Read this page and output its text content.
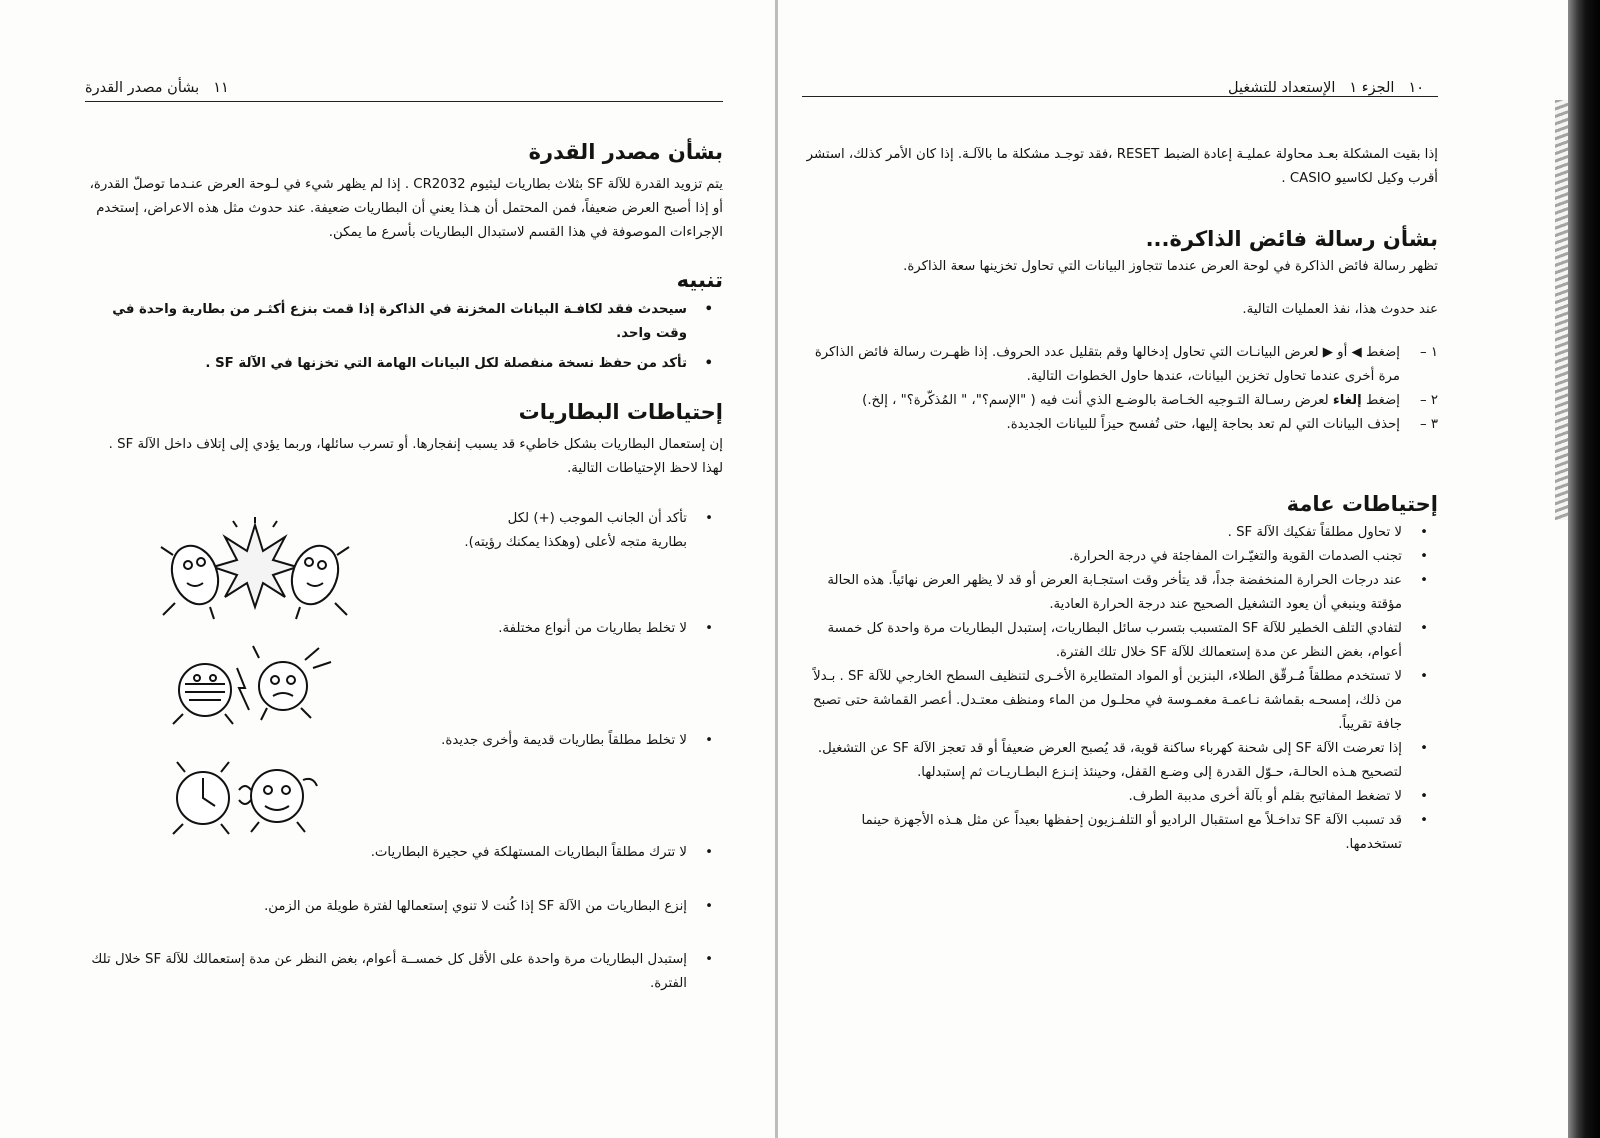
١١بشأن مصدر القدرة
بشأن مصدر القدرة
يتم تزويد القدرة للآلة SF بثلاث بطاريات ليثيوم CR2032 . إذا لم يظهر شيء في لـوحة العرض عنـدما توصلّ القدرة، أو إذا أصبح العرض ضعيفاً، فمن المحتمل أن هـذا يعني أن البطاريات ضعيفة. عند حدوث مثل هذه الاعراض، إستخدم الإجراءات الموصوفة في هذا القسم لاستبدال البطاريات بأسرع ما يمكن.
تنبيه
• سيحدث فقد لكافـة البيانات المخزنة في الذاكرة إذا قمت بنزع أكثـر من بطارية واحدة في وقت واحد.
• تأكد من حفظ نسخة منفصلة لكل البيانات الهامة التي تخزنها في الآلة SF .
إحتياطات البطاريات
إن إستعمال البطاريات بشكل خاطيء قد يسبب إنفجارها. أو تسرب سائلها، وربما يؤدي إلى إتلاف داخل الآلة SF . لهذا لاحظ الإحتياطات التالية.
• تأكد أن الجانب الموجب (+) لكل
بطارية متجه لأعلى (وهكذا يمكنك رؤيته).
• لا تخلط بطاريات من أنواع مختلفة.
• لا تخلط مطلقاً بطاريات قديمة وأخرى جديدة.
• لا تترك مطلقاً البطاريات المستهلكة في حجيرة البطاريات.
• إنزع البطاريات من الآلة SF إذا كُنت لا تنوي إستعمالها لفترة طويلة من الزمن.
• إستبدل البطاريات مرة واحدة على الأقل كل خمســة أعوام، بغض النظر عن مدة إستعمالك للآلة SF خلال تلك الفترة.
١٠الجزء ١الإستعداد للتشغيل
إذا بقيت المشكلة بعـد محاولة عمليـة إعادة الضبط RESET ،فقد توجـد مشكلة ما بالآلـة. إذا كان الأمر كذلك، استشر أقرب وكيل لكاسيو CASIO .
بشأن رسالة فائض الذاكرة...
تظهر رسالة فائض الذاكرة في لوحة العرض عندما تتجاوز البيانات التي تحاول تخزينها سعة الذاكرة.
عند حدوث هذا، نفذ العمليات التالية.
١ –
إضغط ◀ أو ▶ لعرض البيانـات التي تحاول إدخالها وقم بتقليل عدد الحروف. إذا ظهـرت رسالة فائض الذاكرة مرة أخرى عندما تحاول تخزين البيانات، عندها حاول الخطوات التالية.
٢ –
إضغط إلغاء لعرض رسـالة التـوجيه الخـاصة بالوضـع الذي أنت فيه ( "الإسم؟"، " المُذكّرة؟" ، إلخ.)
٣ –
إحذف البيانات التي لم تعد بحاجة إليها، حتى تُفسح حيزاً للبيانات الجديدة.
إحتياطات عامة
• لا تحاول مطلقاً تفكيك الآلة SF .
• تجنب الصدمات القوية والتغيّـرات المفاجئة في درجة الحرارة.
• عند درجات الحرارة المنخفضة جداً، قد يتأخر وقت استجـابة العرض أو قد لا يظهر العرض نهائياً. هذه الحالة مؤقتة وينبغي أن يعود التشغيل الصحيح عند درجة الحرارة العادية.
• لتفادي التلف الخطير للآلة SF المتسبب بتسرب سائل البطاريات، إستبدل البطاريات مرة واحدة كل خمسة أعوام، بغض النظر عن مدة إستعمالك للآلة SF خلال تلك الفترة.
• لا تستخدم مطلقاً مُـرقّق الطلاء، البنزين أو المواد المتطايرة الأخـرى لتنظيف السطح الخارجي للآلة SF . بـدلاً من ذلك، إمسحـه بقماشة نـاعمـة مغمـوسة في محلـول من الماء ومنظف معتـدل. أعصر القماشة حتى تصبح جافة تقريباً.
• إذا تعرضت الآلة SF إلى شحنة كهرباء ساكنة قوية، قد يُصبح العرض ضعيفاً أو قد تعجز الآلة SF عن التشغيل. لتصحيح هـذه الحالـة، حـوّل القدرة إلى وضـع القفل، وحينئذ إنـزع البطـاريـات ثم إستبدلها.
• لا تضغط المفاتيح بقلم أو بآلة أخرى مدببة الطرف.
• قد تسبب الآلة SF تداخـلاً مع استقبال الراديو أو التلفـزيون إحفظها بعيداً عن مثل هـذه الأجهزة حينما تستخدمها.
